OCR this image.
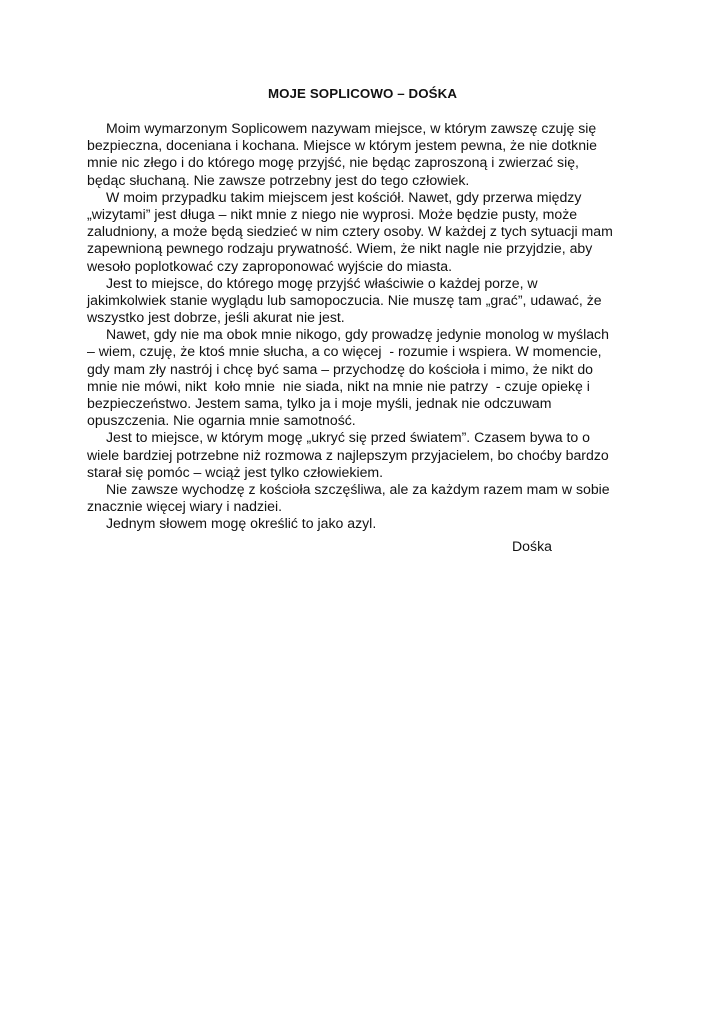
MOJE SOPLICOWO – DOŚKA
Moim wymarzonym Soplicowem nazywam miejsce, w którym zawszę czuję się
bezpieczna, doceniana i kochana. Miejsce w którym jestem pewna, że nie dotknie
mnie nic złego i do którego mogę przyjść, nie będąc zaproszoną i zwierzać się,
będąc słuchaną. Nie zawsze potrzebny jest do tego człowiek.
W moim przypadku takim miejscem jest kościół. Nawet, gdy przerwa między
„wizytami” jest długa – nikt mnie z niego nie wyprosi. Może będzie pusty, może
zaludniony, a może będą siedzieć w nim cztery osoby. W każdej z tych sytuacji mam
zapewnioną pewnego rodzaju prywatność. Wiem, że nikt nagle nie przyjdzie, aby
wesoło poplotkować czy zaproponować wyjście do miasta.
Jest to miejsce, do którego mogę przyjść właściwie o każdej porze, w
jakimkolwiek stanie wyglądu lub samopoczucia. Nie muszę tam „grać”, udawać, że
wszystko jest dobrze, jeśli akurat nie jest.
Nawet, gdy nie ma obok mnie nikogo, gdy prowadzę jedynie monolog w myślach
– wiem, czuję, że ktoś mnie słucha, a co więcej  - rozumie i wspiera. W momencie,
gdy mam zły nastrój i chcę być sama – przychodzę do kościoła i mimo, że nikt do
mnie nie mówi, nikt  koło mnie  nie siada, nikt na mnie nie patrzy  - czuje opiekę i
bezpieczeństwo. Jestem sama, tylko ja i moje myśli, jednak nie odczuwam
opuszczenia. Nie ogarnia mnie samotność.
Jest to miejsce, w którym mogę „ukryć się przed światem”. Czasem bywa to o
wiele bardziej potrzebne niż rozmowa z najlepszym przyjacielem, bo choćby bardzo
starał się pomóc – wciąż jest tylko człowiekiem.
Nie zawsze wychodzę z kościoła szczęśliwa, ale za każdym razem mam w sobie
znacznie więcej wiary i nadziei.
Jednym słowem mogę określić to jako azyl.
Dośka
